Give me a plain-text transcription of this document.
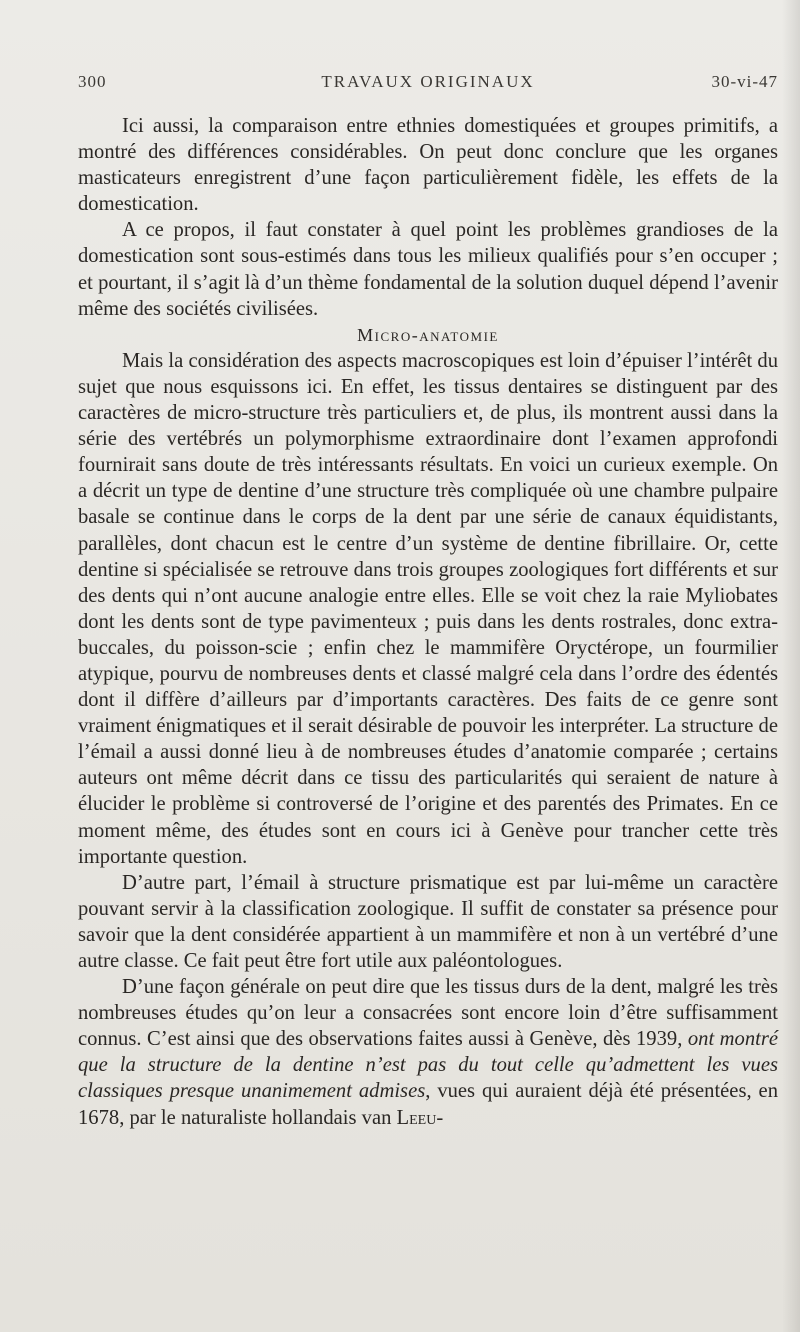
300	TRAVAUX ORIGINAUX	30-vi-47

Ici aussi, la comparaison entre ethnies domestiquées et groupes primitifs, a montré des différences considérables. On peut donc conclure que les organes masticateurs enregistrent d’une façon particulièrement fidèle, les effets de la domestication.

A ce propos, il faut constater à quel point les problèmes grandioses de la domestication sont sous-estimés dans tous les milieux qualifiés pour s’en occuper ; et pourtant, il s’agit là d’un thème fondamental de la solution duquel dépend l’avenir même des sociétés civilisées.

Micro-anatomie

Mais la considération des aspects macroscopiques est loin d’épuiser l’intérêt du sujet que nous esquissons ici. En effet, les tissus dentaires se distinguent par des caractères de micro-structure très particuliers et, de plus, ils montrent aussi dans la série des vertébrés un polymorphisme extraordinaire dont l’examen approfondi fournirait sans doute de très intéressants résultats. En voici un curieux exemple. On a décrit un type de dentine d’une structure très compliquée où une chambre pulpaire basale se continue dans le corps de la dent par une série de canaux équidistants, parallèles, dont chacun est le centre d’un système de dentine fibrillaire. Or, cette dentine si spécialisée se retrouve dans trois groupes zoologiques fort différents et sur des dents qui n’ont aucune analogie entre elles. Elle se voit chez la raie Myliobates dont les dents sont de type pavimenteux ; puis dans les dents rostrales, donc extra-buccales, du poisson-scie ; enfin chez le mammifère Oryctérope, un fourmilier atypique, pourvu de nombreuses dents et classé malgré cela dans l’ordre des édentés dont il diffère d’ailleurs par d’importants caractères. Des faits de ce genre sont vraiment énigmatiques et il serait désirable de pouvoir les interpréter. La structure de l’émail a aussi donné lieu à de nombreuses études d’anatomie comparée ; certains auteurs ont même décrit dans ce tissu des particularités qui seraient de nature à élucider le problème si controversé de l’origine et des parentés des Primates. En ce moment même, des études sont en cours ici à Genève pour trancher cette très importante question.

D’autre part, l’émail à structure prismatique est par lui-même un caractère pouvant servir à la classification zoologique. Il suffit de constater sa présence pour savoir que la dent considérée appartient à un mammifère et non à un vertébré d’une autre classe. Ce fait peut être fort utile aux paléontologues.

D’une façon générale on peut dire que les tissus durs de la dent, malgré les très nombreuses études qu’on leur a consacrées sont encore loin d’être suffisamment connus. C’est ainsi que des observations faites aussi à Genève, dès 1939, ont montré que la structure de la dentine n’est pas du tout celle qu’admettent les vues classiques presque unanimement admises, vues qui auraient déjà été présentées, en 1678, par le naturaliste hollandais van Leeu-
